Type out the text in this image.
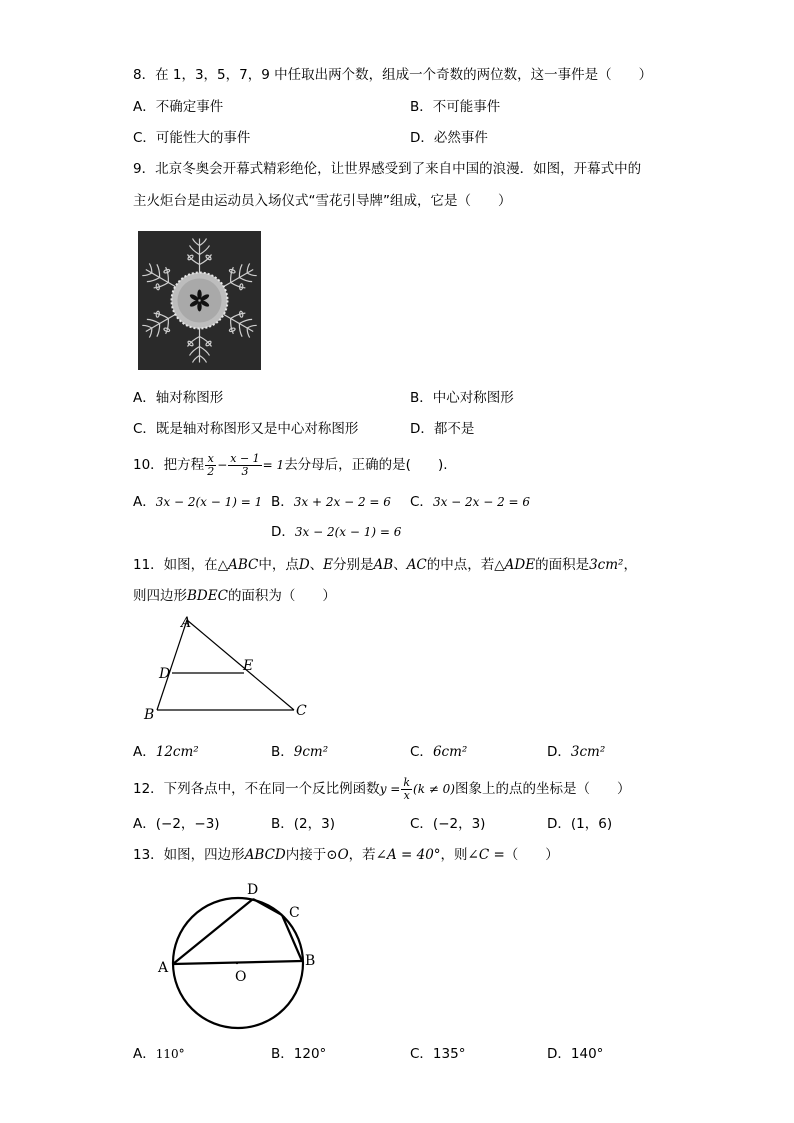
8．在 1，3，5，7，9 中任取出两个数，组成一个奇数的两位数，这一事件是（　　）
A．不确定事件	B．不可能事件
C．可能性大的事件	D．必然事件
9．北京冬奥会开幕式精彩绝伦，让世界感受到了来自中国的浪漫．如图，开幕式中的
主火炬台是由运动员入场仪式“雪花引导牌”组成，它是（　　）
A．轴对称图形	B．中心对称图形
C．既是轴对称图形又是中心对称图形	D．都不是
10．把方程 $\frac{x}{2} - \frac{x - 1}{3} = 1$去分母后，正确的是(　　).
A．3x − 2(x − 1) = 1 B．3x + 2x − 2 = 6 C．3x − 2x − 2 = 6
D．3x − 2(x − 1) = 6
11．如图，在△ABC中，点D、E分别是AB、AC的中点，若△ADE的面积是3cm²，
则四边形BDEC的面积为（　　）
A
D	E
B	C
A．12cm²	B．9cm²	C．6cm²	D．3cm²
12．下列各点中，不在同一个反比例函数$y = \frac{k}{x} (k \ne 0)$图象上的点的坐标是（　　）
A．(−2，−3)	B．(2，3)	C．(−2，3)	D．(1，6)
13．如图，四边形ABCD内接于⊙O，若∠A = 40°，则∠C =（　　）
D
C
A	B
O
A．110°	B．120°	C．135°	D．140°
